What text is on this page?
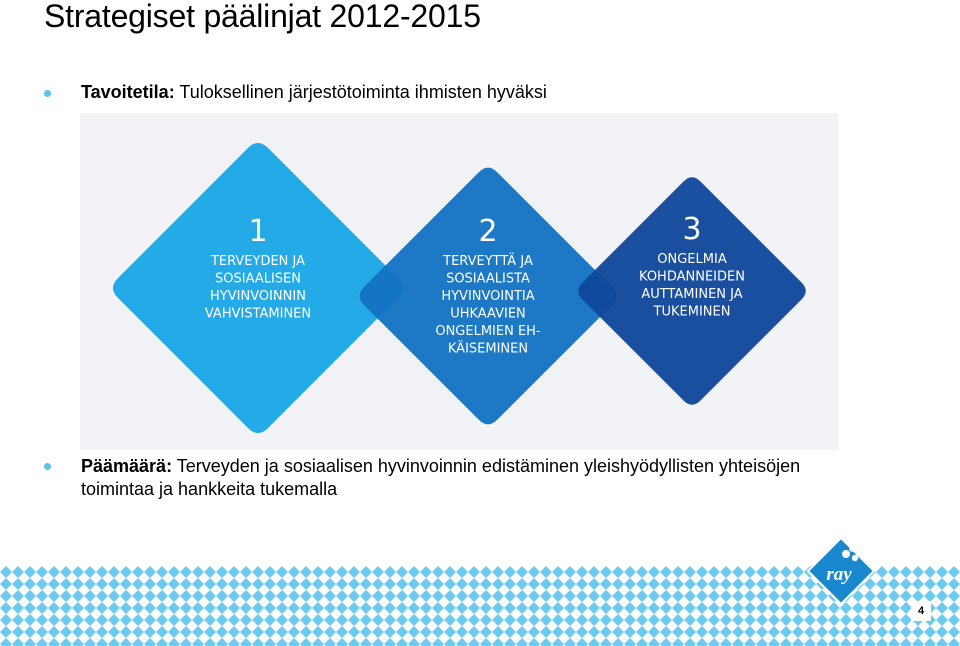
Strategiset päälinjat 2012-2015
Tavoitetila: Tuloksellinen järjestötoiminta ihmisten hyväksi
1
TERVEYDEN JA
SOSIAALISEN
HYVINVOINNIN
VAHVISTAMINEN
2
TERVEYTTÄ JA
SOSIAALISTA
HYVINVOINTIA
UHKAAVIEN
ONGELMIEN EH-
KÄISEMINEN
3
ONGELMIA
KOHDANNEIDEN
AUTTAMINEN JA
TUKEMINEN
Päämäärä: Terveyden ja sosiaalisen hyvinvoinnin edistäminen yleishyödyllisten yhteisöjen toimintaa ja hankkeita tukemalla
ray
4
